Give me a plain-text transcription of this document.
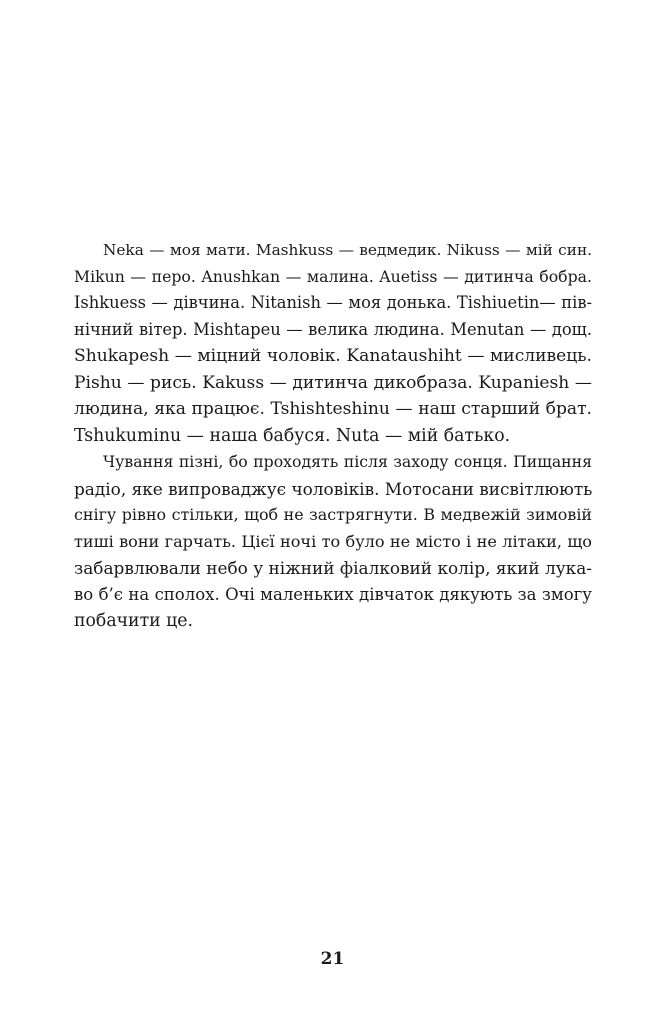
Neka — моя мати. Mashkuss — ведмедик. Nikuss — мій син.
Mikun — перо. Anushkan — малина. Auetiss — дитинча бобра.
Ishkuess — дівчина. Nitanish — моя донька. Tishiuetin— пів-
нічний вітер. Mishtapeu — велика людина. Menutan — дощ.
Shukapesh — міцний чоловік. Kanataushiht — мисливець.
Pishu — рись. Kakuss — дитинча дикобраза. Kupaniesh —
людина, яка працює. Tshishteshinu — наш старший брат.
Tshukuminu — наша бабуся. Nuta — мій батько.
Чування пізні, бо проходять після заходу сонця. Пищання
радіо, яке випроваджує чоловіків. Мотосани висвітлюють
снігу рівно стільки, щоб не застрягнути. В медвежій зимовій
тиші вони гарчать. Цієї ночі то було не місто і не літаки, що
забарвлювали небо у ніжний фіалковий колір, який лука-
во б’є на сполох. Очі маленьких дівчаток дякують за змогу
побачити це.
21
